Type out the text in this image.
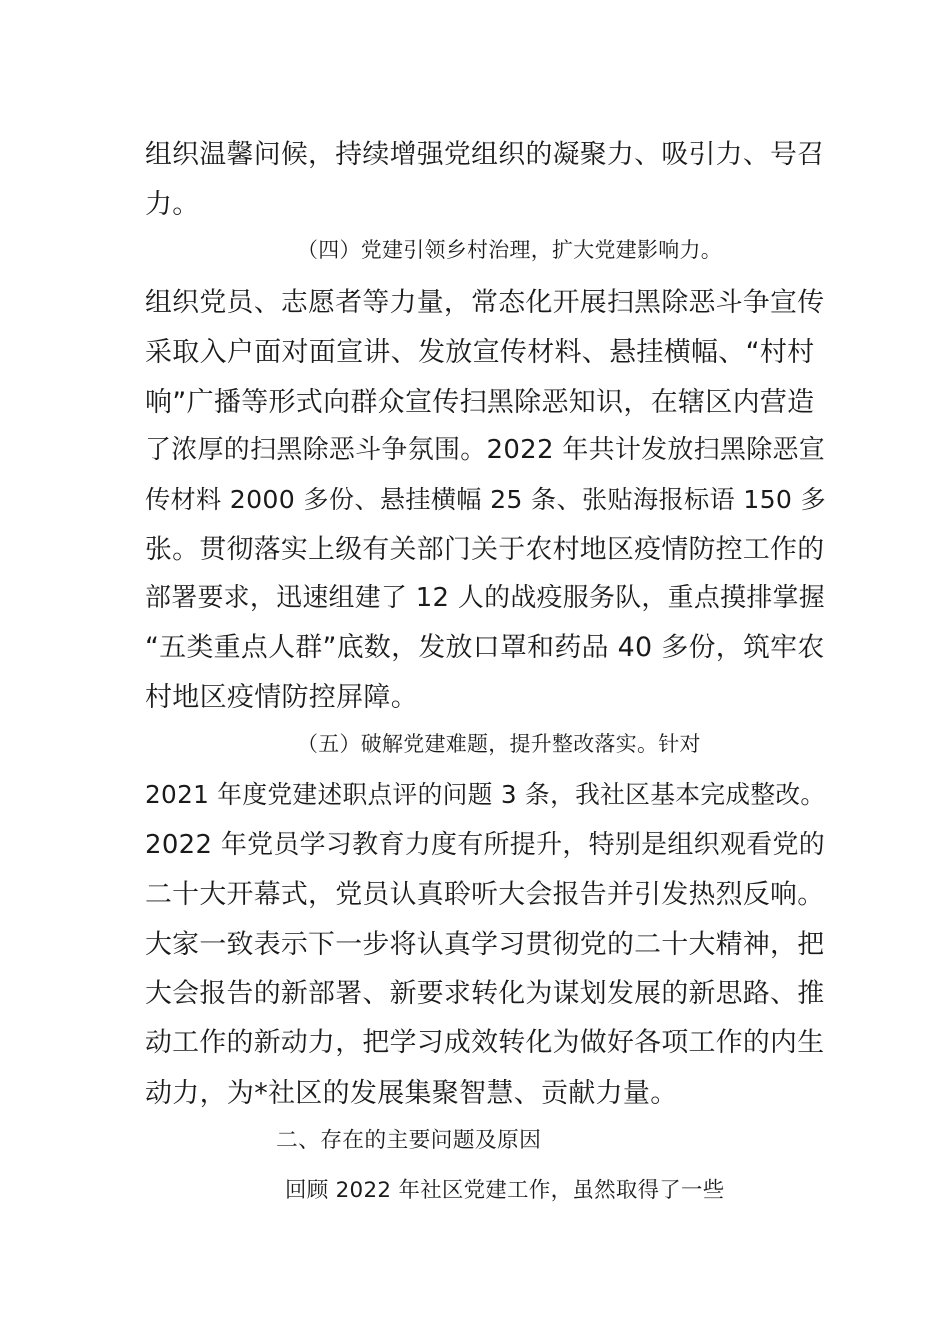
组织温馨问候，持续增强党组织的凝聚力、吸引力、号召
力。
（四）党建引领乡村治理，扩大党建影响力。
组织党员、志愿者等力量，常态化开展扫黑除恶斗争宣传
采取入户面对面宣讲、发放宣传材料、悬挂横幅、“村村
响”广播等形式向群众宣传扫黑除恶知识，在辖区内营造
了浓厚的扫黑除恶斗争氛围。2022 年共计发放扫黑除恶宣
传材料 2000 多份、悬挂横幅 25 条、张贴海报标语 150 多
张。贯彻落实上级有关部门关于农村地区疫情防控工作的
部署要求，迅速组建了 12 人的战疫服务队，重点摸排掌握
“五类重点人群”底数，发放口罩和药品 40 多份，筑牢农
村地区疫情防控屏障。
（五）破解党建难题，提升整改落实。针对
2021 年度党建述职点评的问题 3 条，我社区基本完成整改。
2022 年党员学习教育力度有所提升，特别是组织观看党的
二十大开幕式，党员认真聆听大会报告并引发热烈反响。
大家一致表示下一步将认真学习贯彻党的二十大精神，把
大会报告的新部署、新要求转化为谋划发展的新思路、推
动工作的新动力，把学习成效转化为做好各项工作的内生
动力，为*社区的发展集聚智慧、贡献力量。
二、存在的主要问题及原因
回顾 2022 年社区党建工作，虽然取得了一些
